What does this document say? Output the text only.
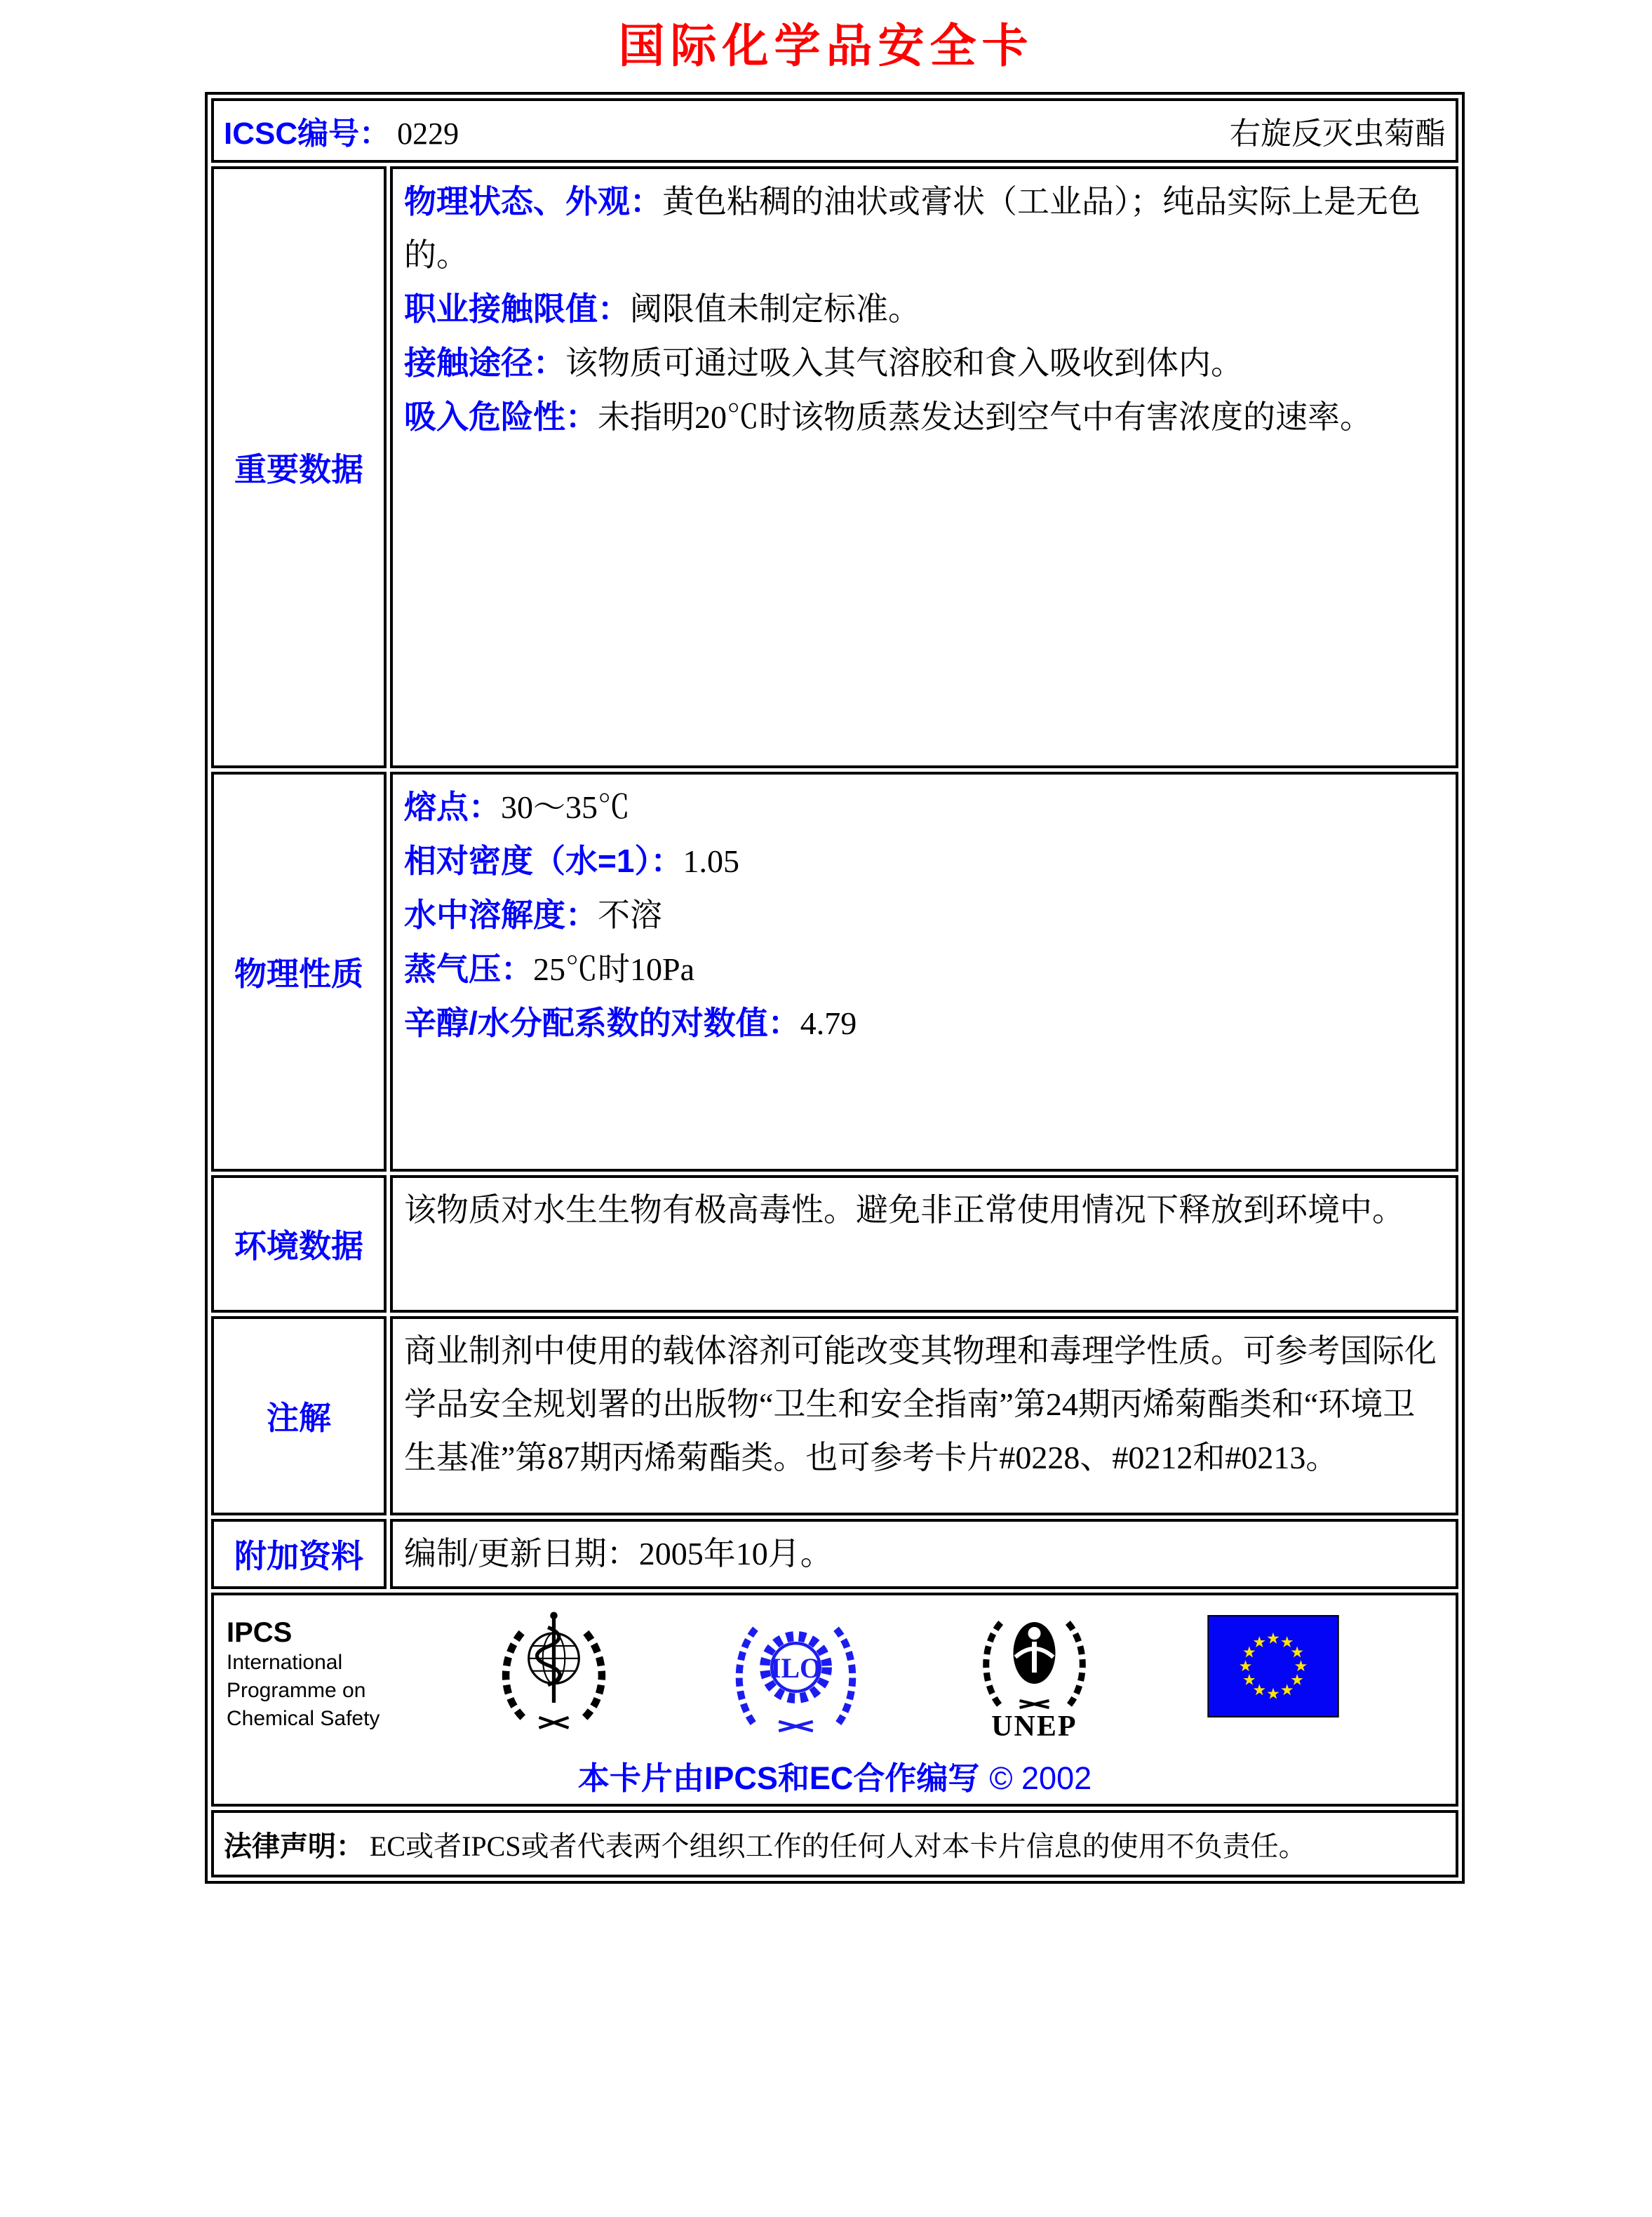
国际化学品安全卡
ICSC编号： 0229 右旋反灭虫菊酯	

重要数据	物理状态、外观：黄色粘稠的油状或膏状（工业品）；纯品实际上是无色的。

职业接触限值：阈限值未制定标准。

接触途径：该物质可通过吸入其气溶胶和食入吸收到体内。

吸入危险性：未指明20℃时该物质蒸发达到空气中有害浓度的速率。

物理性质	熔点：30～35℃

相对密度（水=1）：1.05

水中溶解度：不溶

蒸气压：25℃时10Pa

辛醇/水分配系数的对数值：4.79

环境数据	该物质对水生生物有极高毒性。避免非正常使用情况下释放到环境中。

注解	商业制剂中使用的载体溶剂可能改变其物理和毒理学性质。可参考国际化学品安全规划署的出版物“卫生和安全指南”第24期丙烯菊酯类和“环境卫生基准”第87期丙烯菊酯类。也可参考卡片#0228、#0212和#0213。

附加资料	编制/更新日期：2005年10月。

IPCS
International
Programme on
Chemical Safety
ILO
UNEP
本卡片由IPCS和EC合作编写 © 2002

法律声明： EC或者IPCS或者代表两个组织工作的任何人对本卡片信息的使用不负责任。	
